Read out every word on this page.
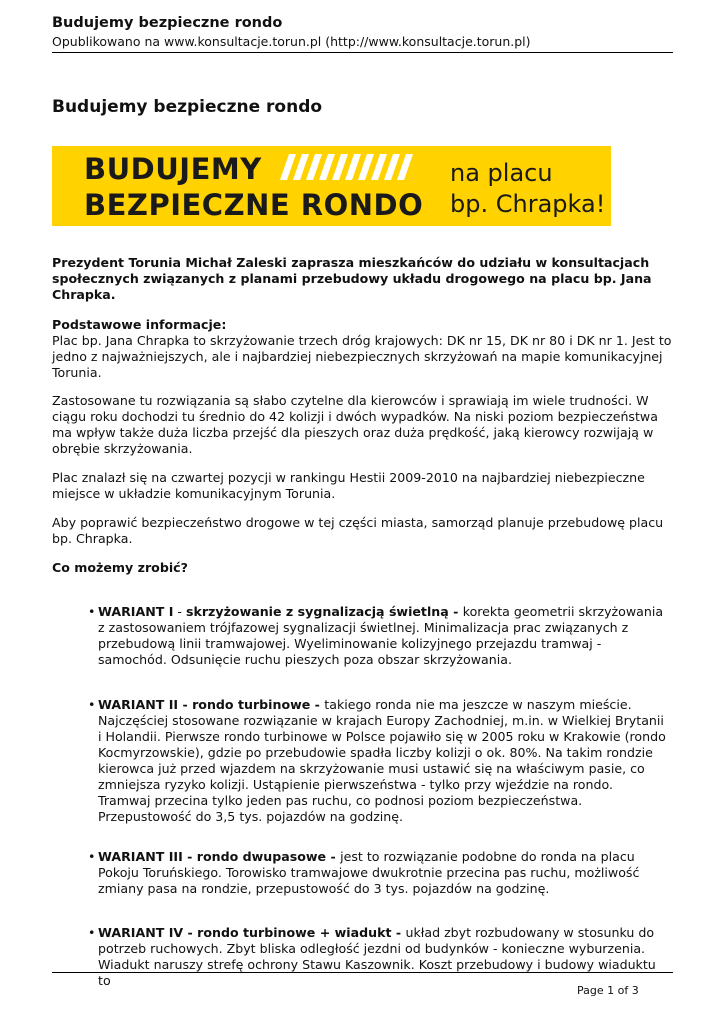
Budujemy bezpieczne rondo
Opublikowano na www.konsultacje.torun.pl (http://www.konsultacje.torun.pl)
Budujemy bezpieczne rondo
BUDUJEMY
BEZPIECZNE RONDO
na placu
bp. Chrapka!
Prezydent Torunia Michał Zaleski zaprasza mieszkańców do udziału w konsultacjach społecznych związanych z planami przebudowy układu drogowego na placu bp. Jana Chrapka.

Podstawowe informacje:

Plac bp. Jana Chrapka to skrzyżowanie trzech dróg krajowych: DK nr 15, DK nr 80 i DK nr 1. Jest to jedno z najważniejszych, ale i najbardziej niebezpiecznych skrzyżowań na mapie komunikacyjnej Torunia.

Zastosowane tu rozwiązania są słabo czytelne dla kierowców i sprawiają im wiele trudności. W ciągu roku dochodzi tu średnio do 42 kolizji i dwóch wypadków. Na niski poziom bezpieczeństwa ma wpływ także duża liczba przejść dla pieszych oraz duża prędkość, jaką kierowcy rozwijają w obrębie skrzyżowania.
Plac znalazł się na czwartej pozycji w rankingu Hestii 2009-2010 na najbardziej niebezpieczne miejsce w układzie komunikacyjnym Torunia.
Aby poprawić bezpieczeństwo drogowe w tej części miasta, samorząd planuje przebudowę placu bp. Chrapka.
Co możemy zrobić?
• WARIANT I - skrzyżowanie z sygnalizacją świetlną - korekta geometrii skrzyżowania z zastosowaniem trójfazowej sygnalizacji świetlnej. Minimalizacja prac związanych z przebudową linii tramwajowej. Wyeliminowanie kolizyjnego przejazdu tramwaj - samochód. Odsunięcie ruchu pieszych poza obszar skrzyżowania.
• WARIANT II - rondo turbinowe - takiego ronda nie ma jeszcze w naszym mieście. Najczęściej stosowane rozwiązanie w krajach Europy Zachodniej, m.in. w Wielkiej Brytanii i Holandii. Pierwsze rondo turbinowe w Polsce pojawiło się w 2005 roku w Krakowie (rondo Kocmyrzowskie), gdzie po przebudowie spadła liczby kolizji o ok. 80%. Na takim rondzie kierowca już przed wjazdem na skrzyżowanie musi ustawić się na właściwym pasie, co zmniejsza ryzyko kolizji. Ustąpienie pierwszeństwa - tylko przy wjeździe na rondo. Tramwaj przecina tylko jeden pas ruchu, co podnosi poziom bezpieczeństwa. Przepustowość do 3,5 tys. pojazdów na godzinę.
• WARIANT III - rondo dwupasowe - jest to rozwiązanie podobne do ronda na placu Pokoju Toruńskiego. Torowisko tramwajowe dwukrotnie przecina pas ruchu, możliwość zmiany pasa na rondzie, przepustowość do 3 tys. pojazdów na godzinę.
• WARIANT IV - rondo turbinowe + wiadukt - układ zbyt rozbudowany w stosunku do potrzeb ruchowych. Zbyt bliska odległość jezdni od budynków - konieczne wyburzenia. Wiadukt naruszy strefę ochrony Stawu Kaszownik. Koszt przebudowy i budowy wiaduktu to
Page 1 of 3
